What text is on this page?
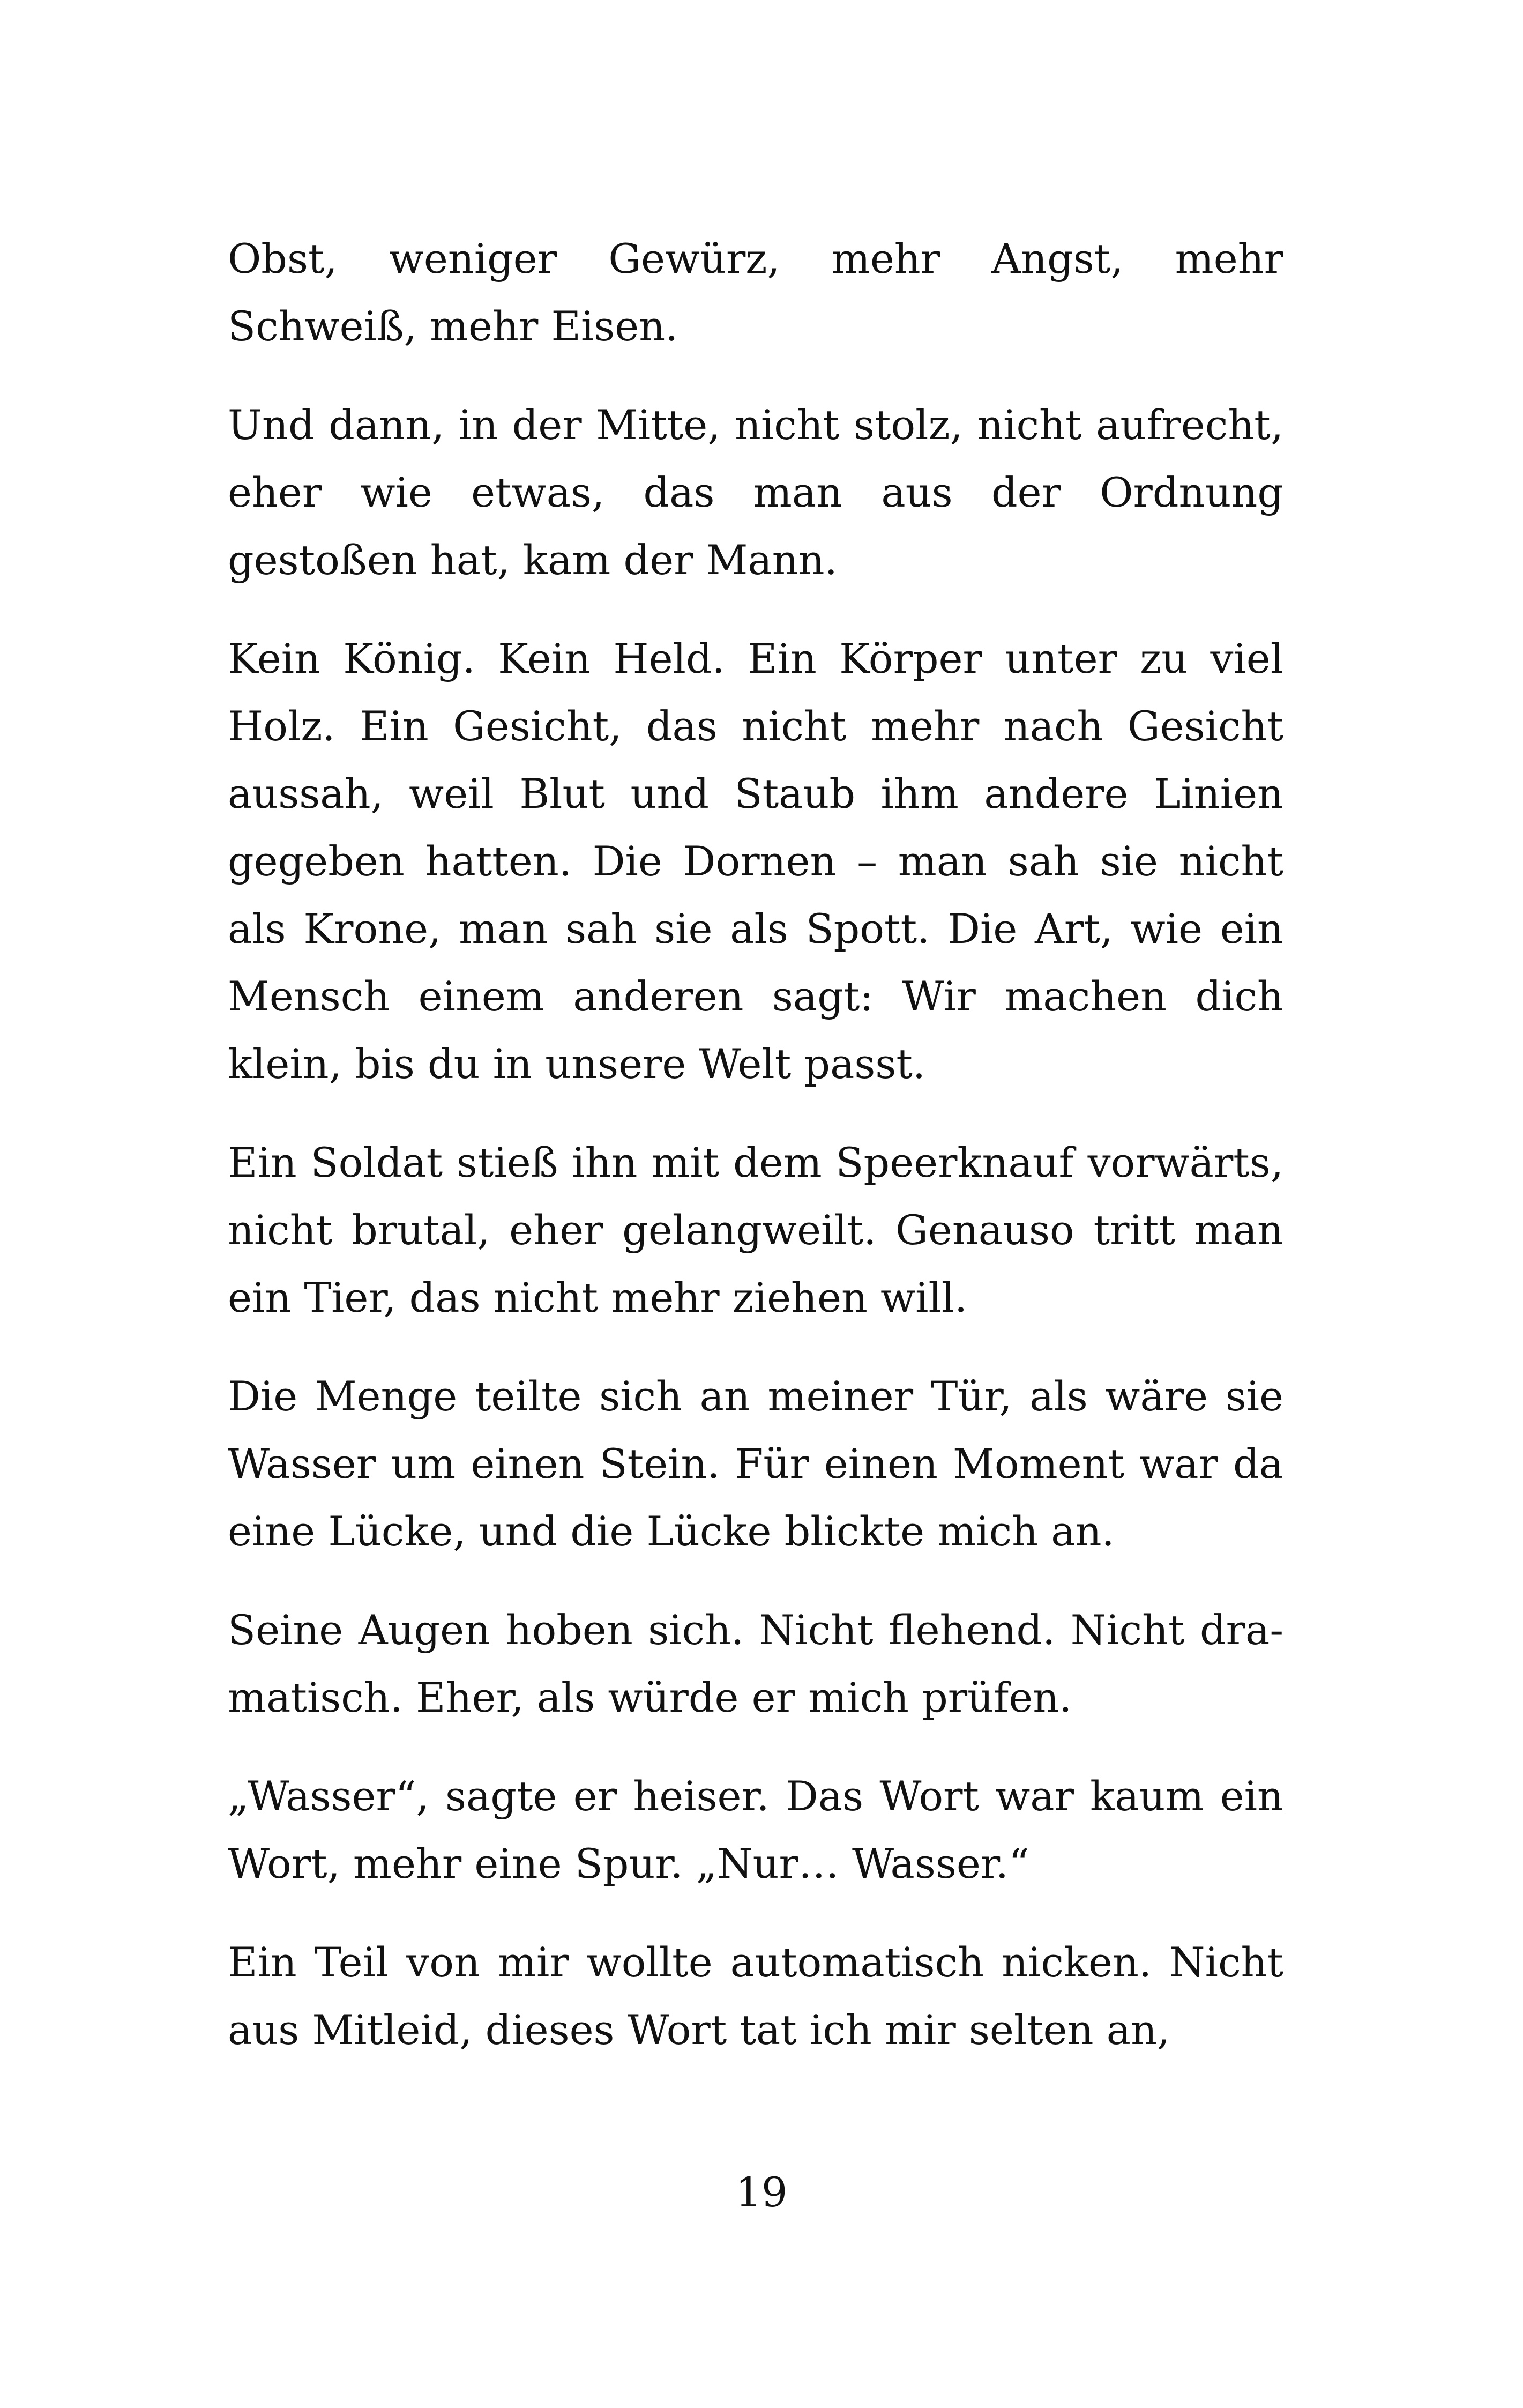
Obst, weniger Gewürz, mehr Angst, mehr Schweiß, mehr Eisen.

Und dann, in der Mitte, nicht stolz, nicht aufrecht, eher wie etwas, das man aus der Ordnung gestoßen hat, kam der Mann.

Kein König. Kein Held. Ein Körper unter zu viel Holz. Ein Gesicht, das nicht mehr nach Gesicht aussah, weil Blut und Staub ihm andere Linien gegeben hatten. Die Dornen – man sah sie nicht als Krone, man sah sie als Spott. Die Art, wie ein Mensch einem anderen sagt: Wir machen dich klein, bis du in unsere Welt passt.

Ein Soldat stieß ihn mit dem Speerknauf vorwärts, nicht brutal, eher gelangweilt. Genauso tritt man ein Tier, das nicht mehr ziehen will.

Die Menge teilte sich an meiner Tür, als wäre sie Wasser um einen Stein. Für einen Moment war da eine Lücke, und die Lücke blickte mich an.

Seine Augen hoben sich. Nicht flehend. Nicht dramatisch. Eher, als würde er mich prüfen.

„Wasser“, sagte er heiser. Das Wort war kaum ein Wort, mehr eine Spur. „Nur… Wasser.“

Ein Teil von mir wollte automatisch nicken. Nicht aus Mitleid, dieses Wort tat ich mir selten an,

19
